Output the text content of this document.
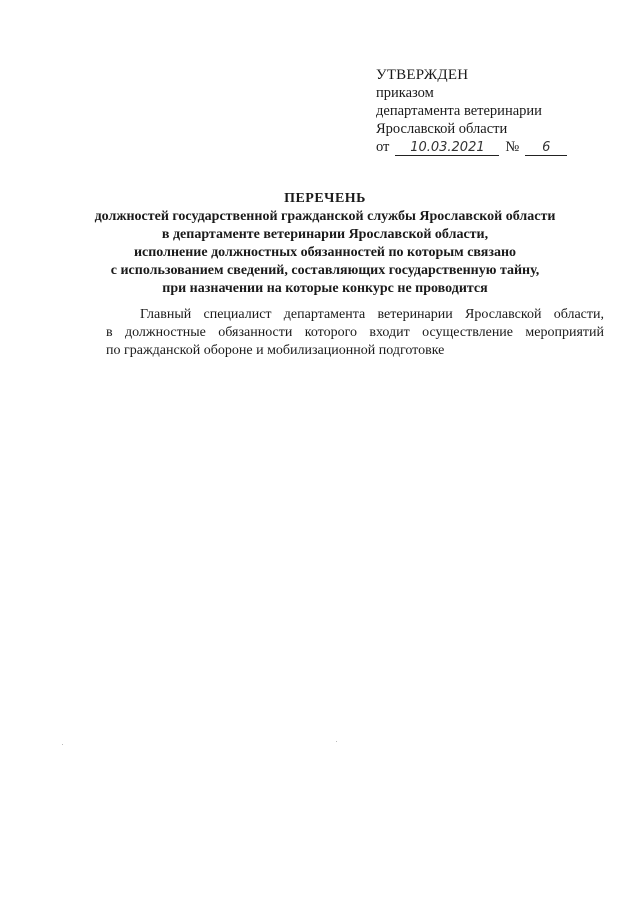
УТВЕРЖДЕН
приказом
департамента ветеринарии
Ярославской области
от 10.03.2021 № 6
ПЕРЕЧЕНЬ
должностей государственной гражданской службы Ярославской области
в департаменте ветеринарии Ярославской области,
исполнение должностных обязанностей по которым связано
с использованием сведений, составляющих государственную тайну,
при назначении на которые конкурс не проводится
Главный специалист департамента ветеринарии Ярославской области,
в должностные обязанности которого входит осуществление мероприятий
по гражданской обороне и мобилизационной подготовке
